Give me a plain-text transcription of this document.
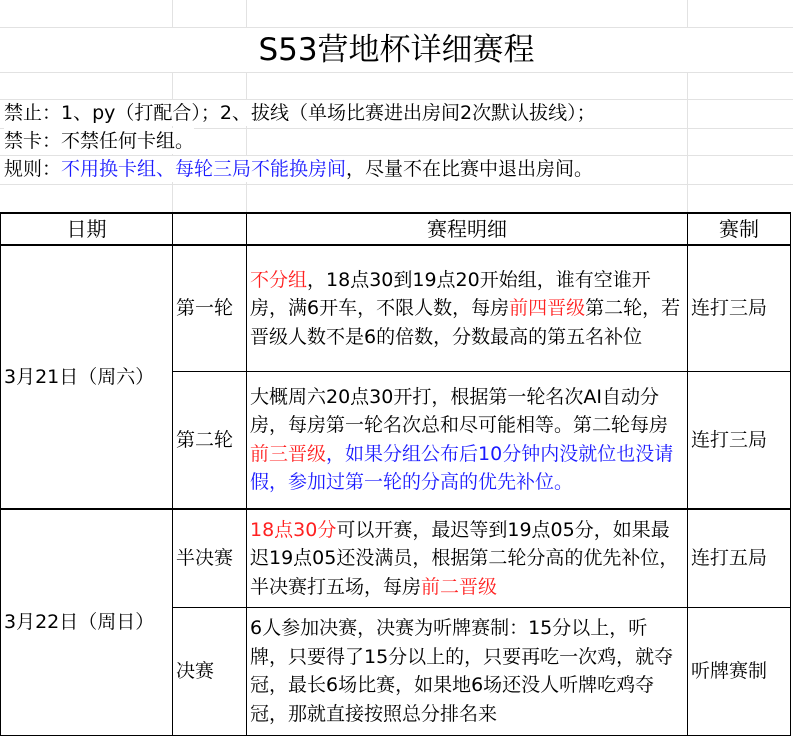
S53营地杯详细赛程
禁止：1、py（打配合）；2、拔线（单场比赛进出房间2次默认拔线）；
禁卡：不禁任何卡组。
规则：不用换卡组、每轮三局不能换房间，尽量不在比赛中退出房间。
日期		赛程明细	赛制
3月21日（周六）	第一轮	不分组，18点30到19点20开始组，谁有空谁开房，满6开车，不限人数，每房前四晋级第二轮，若晋级人数不是6的倍数，分数最高的第五名补位	连打三局
	第二轮	大概周六20点30开打，根据第一轮名次AI自动分房，每房第一轮名次总和尽可能相等。第二轮每房前三晋级，如果分组公布后10分钟内没就位也没请假，参加过第一轮的分高的优先补位。	连打三局
3月22日（周日）	半决赛	18点30分可以开赛，最迟等到19点05分，如果最迟19点05还没满员，根据第二轮分高的优先补位，半决赛打五场，每房前二晋级	连打五局
	决赛	6人参加决赛，决赛为听牌赛制：15分以上，听牌，只要得了15分以上的，只要再吃一次鸡，就夺冠，最长6场比赛，如果地6场还没人听牌吃鸡夺冠，那就直接按照总分排名来	听牌赛制
